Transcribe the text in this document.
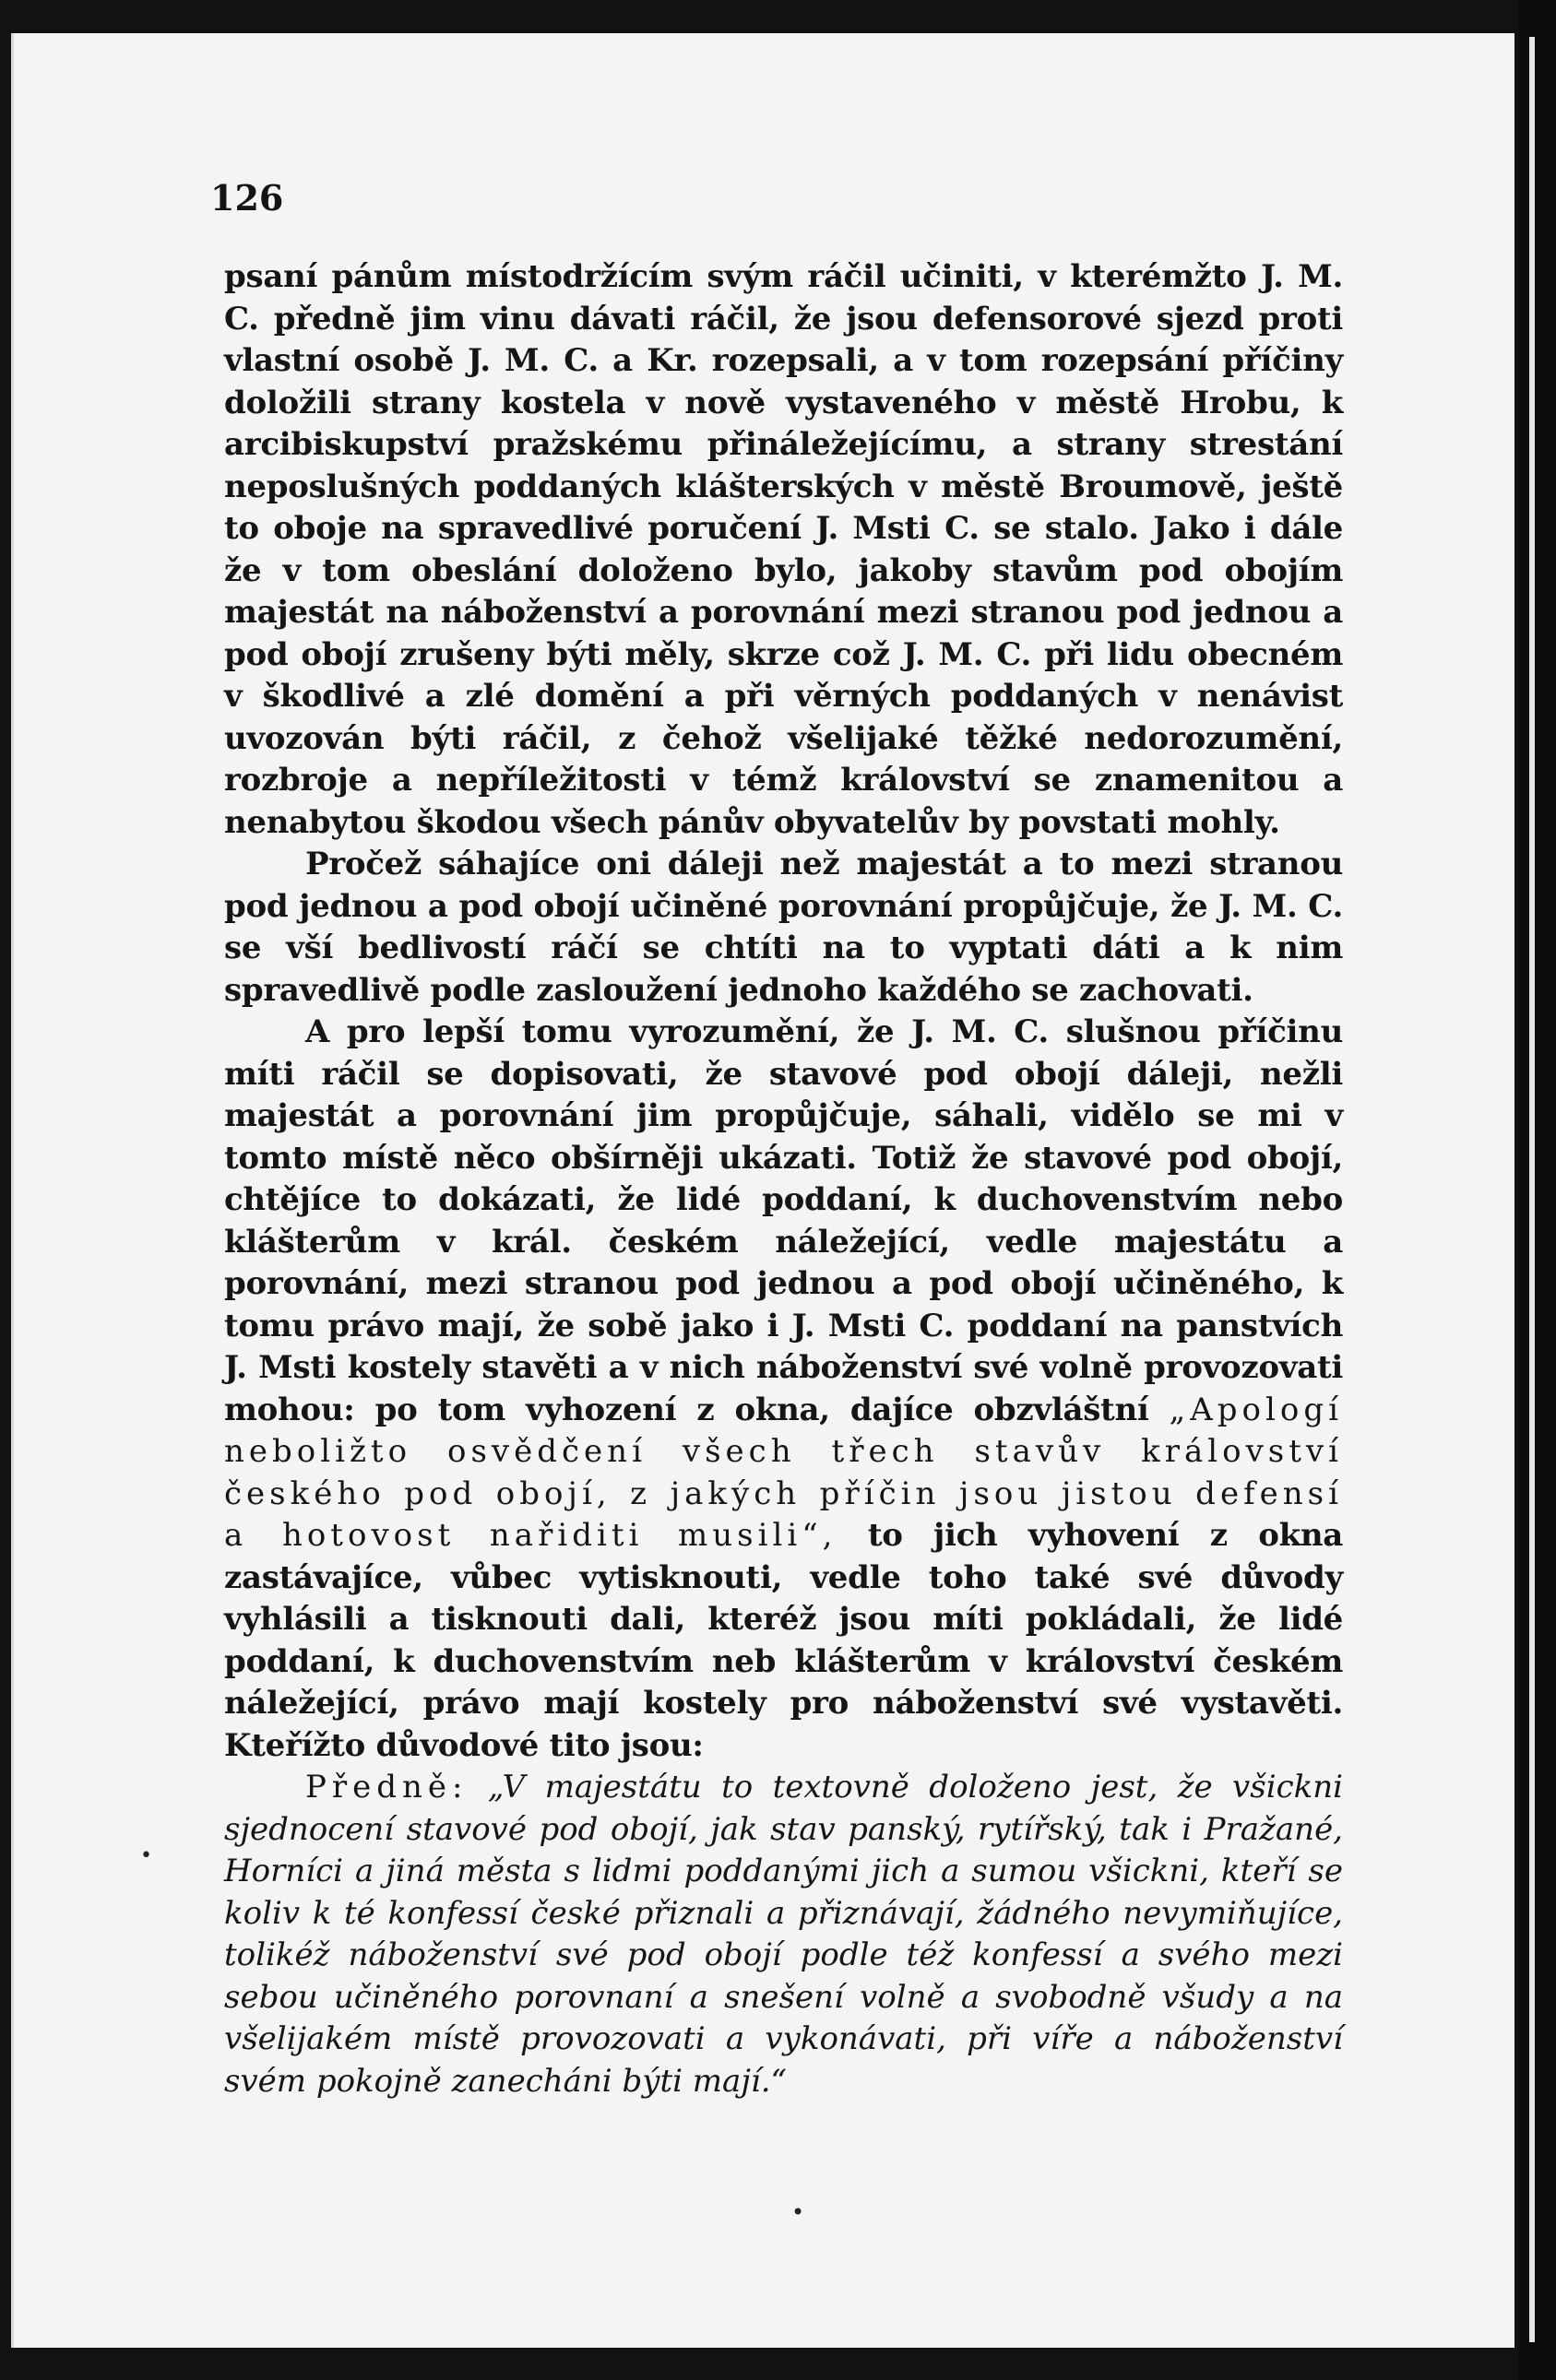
126

psaní pánům místodržícím svým ráčil učiniti, v kterémžto J. M. C. předně jim vinu dávati ráčil, že jsou defensorové sjezd proti vlastní osobě J. M. C. a Kr. rozepsali, a v tom rozepsání příčiny doložili strany kostela v nově vystaveného v městě Hrobu, k arcibiskupství pražskému přináležejícímu, a strany strestání neposlušných poddaných klášterských v městě Broumově, ještě to oboje na spravedlivé poručení J. Msti C. se stalo. Jako i dále že v tom obeslání doloženo bylo, jakoby stavům pod obojím majestát na náboženství a porovnání mezi stranou pod jednou a pod obojí zrušeny býti měly, skrze což J. M. C. při lidu obecném v škodlivé a zlé domění a při věrných poddaných v nenávist uvozován býti ráčil, z čehož všelijaké těžké nedorozumění, rozbroje a nepříležitosti v témž království se znamenitou a nenabytou škodou všech pánův obyvatelův by povstati mohly.

Pročež sáhajíce oni dáleji než majestát a to mezi stranou pod jednou a pod obojí učiněné porovnání propůjčuje, že J. M. C. se vší bedlivostí ráčí se chtíti na to vyptati dáti a k nim spravedlivě podle zasloužení jednoho každého se zachovati.

A pro lepší tomu vyrozumění, že J. M. C. slušnou příčinu míti ráčil se dopisovati, že stavové pod obojí dáleji, nežli majestát a porovnání jim propůjčuje, sáhali, vidělo se mi v tomto místě něco obšírněji ukázati. Totiž že stavové pod obojí, chtějíce to dokázati, že lidé poddaní, k duchovenstvím nebo klášterům v král. českém náležející, vedle majestátu a porovnání, mezi stranou pod jednou a pod obojí učiněného, k tomu právo mají, že sobě jako i J. Msti C. poddaní na panstvích J. Msti kostely stavěti a v nich náboženství své volně provozovati mohou: po tom vyhození z okna, dajíce obzvláštní „Apologí neboližto osvědčení všech třech stavův království českého pod obojí, z jakých příčin jsou jistou defensí a hotovost nařiditi musili“, to jich vyhovení z okna zastávajíce, vůbec vytisknouti, vedle toho také své důvody vyhlásili a tisknouti dali, kteréž jsou míti pokládali, že lidé poddaní, k duchovenstvím neb klášterům v království českém náležející, právo mají kostely pro náboženství své vystavěti. Kteřížto důvodové tito jsou:

Předně: „V majestátu to textovně doloženo jest, že všickni sjednocení stavové pod obojí, jak stav panský, rytířský, tak i Pražané, Horníci a jiná města s lidmi poddanými jich a sumou všickni, kteří se koliv k té konfessí české přiznali a přiznávají, žádného nevymiňujíce, tolikéž náboženství své pod obojí podle též konfessí a svého mezi sebou učiněného porovnaní a snešení volně a svobodně všudy a na všelijakém místě provozovati a vykonávati, při víře a náboženství svém pokojně zanecháni býti mají.“

•
•
